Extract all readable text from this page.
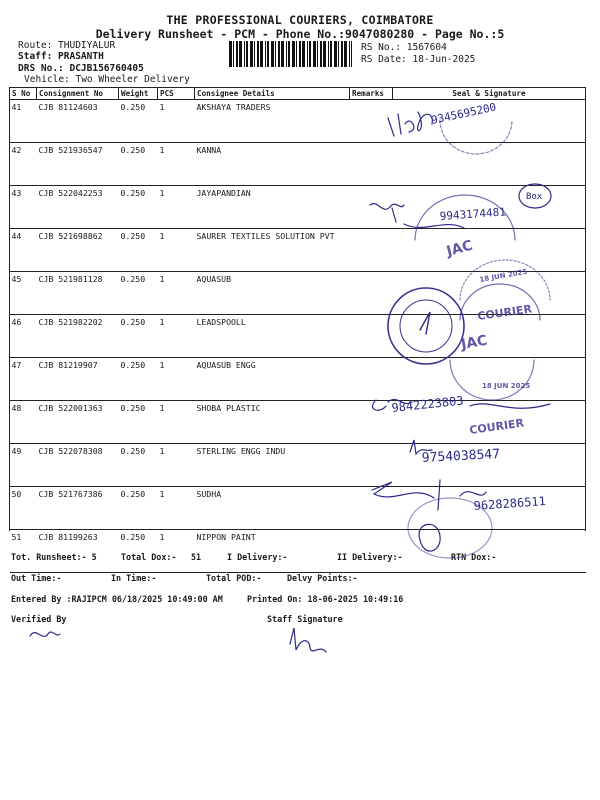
THE PROFESSIONAL COURIERS, COIMBATORE
Delivery Runsheet - PCM - Phone No.:9047080280 - Page No.:5
Route: THUDIYALUR
Staff: PRASANTH
DRS No.: DCJB156760405
Vehicle: Two Wheeler Delivery
RS No.: 1567604
RS Date: 18-Jun-2025
S No	Consignment No	Weight	PCS	Consignee Details	Remarks	Seal & Signature
41	CJB 81124603	0.250	1	AKSHAYA TRADERS		
42	CJB 521936547	0.250	1	KANNA		
43	CJB 522042253	0.250	1	JAYAPANDIAN		
44	CJB 521698862	0.250	1	SAURER TEXTILES SOLUTION PVT		
45	CJB 521981128	0.250	1	AQUASUB		
46	CJB 521982202	0.250	1	LEADSPOOLL		
47	CJB 81219907	0.250	1	AQUASUB ENGG		
48	CJB 522001363	0.250	1	SHOBA PLASTIC		
49	CJB 522078308	0.250	1	STERLING ENGG INDU		
50	CJB 521767386	0.250	1	SUDHA		
51	CJB 81199263	0.250	1	NIPPON PAINT		
Tot. Runsheet:- 5	Total Dox:- 51	I Delivery:-	II Delivery:-	RTN Dox:-
Out Time:-	In Time:-	Total POD:-	Delvy Points:-
Entered By :RAJIPCM 06/18/2025 10:49:00 AM	Printed On: 18-06-2025 10:49:16
Verified By	Staff Signature
9345695200
9943174481
Box
9842223803
9754038547
9628286511
JAC
18 JUN 2025
COURIER
JAC
18 JUN 2025
COURIER
